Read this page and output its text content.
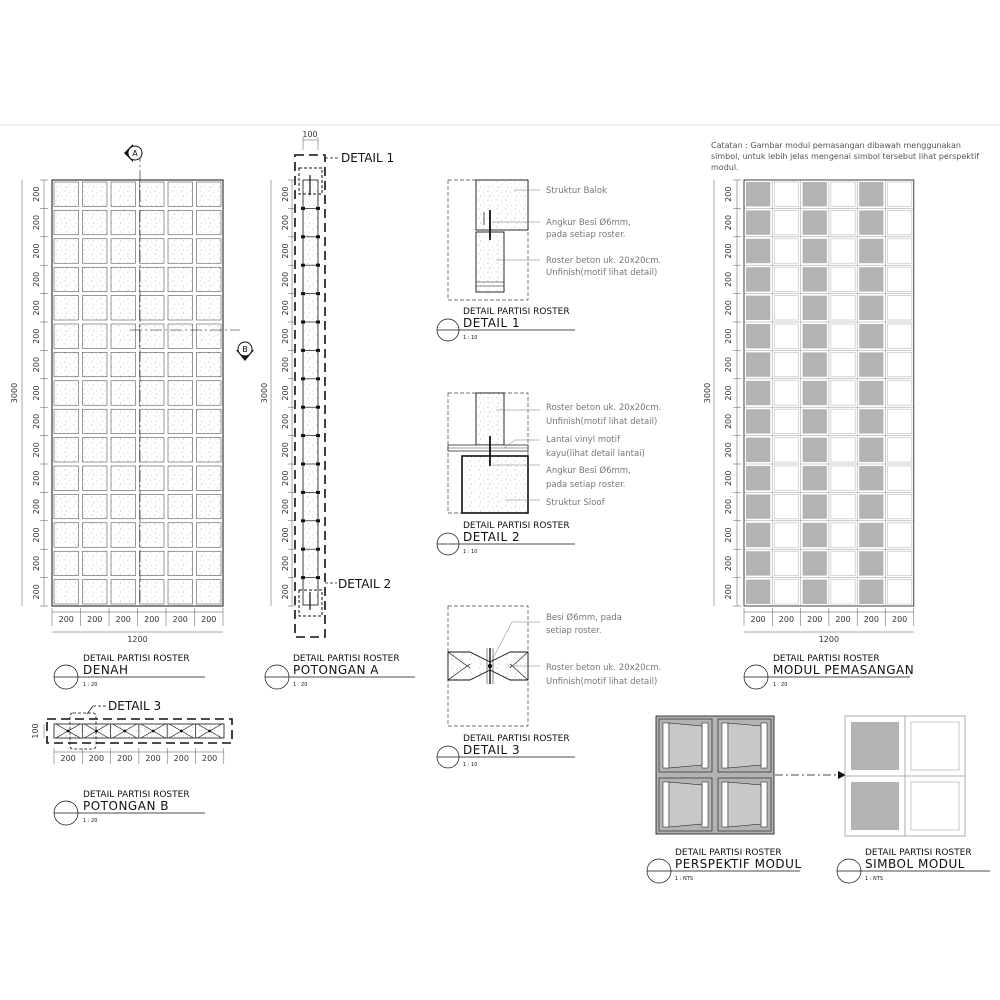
200
200
200
200
200
200
200
200
200
200
200
200
200
200
200
3000
200 200 200 200 200 200
1200
A
B
DETAIL 1
DETAIL 2
200
200
200
200
200
200
200
200
200
200
200
200
200
200
200
3000
100
DETAIL 3
200 200 200 200 200 200
100
Struktur Balok
Angkur Besi Ø6mm,
pada setiap roster.
Roster beton uk. 20x20cm.
Unfinish(motif lihat detail)
Roster beton uk. 20x20cm.
Unfinish(motif lihat detail)
Lantai vinyl motif
kayu(lihat detail lantai)
Angkur Besi Ø6mm,
pada setiap roster.
Struktur Sloof
Besi Ø6mm, pada
setiap roster.
Roster beton uk. 20x20cm.
Unfinish(motif lihat detail)
Catatan : Gambar modul pemasangan dibawah menggunakan
simbol, untuk lebih jelas mengenai simbol tersebut lihat perspektif
modul.
200
200
200
200
200
200
200
200
200
200
200
200
200
200
200
3000
200 200 200 200 200 200
1200
DETAIL PARTISI ROSTER
DENAH
1 : 20
DETAIL PARTISI ROSTER
POTONGAN A
1 : 20
DETAIL PARTISI ROSTER
POTONGAN B
1 : 20
DETAIL PARTISI ROSTER
DETAIL 1
1 : 10
DETAIL PARTISI ROSTER
DETAIL 2
1 : 10
DETAIL PARTISI ROSTER
DETAIL 3
1 : 10
DETAIL PARTISI ROSTER
MODUL PEMASANGAN
1 : 20
DETAIL PARTISI ROSTER
PERSPEKTIF MODUL
1 : NTS
DETAIL PARTISI ROSTER
SIMBOL MODUL
1 : NTS
